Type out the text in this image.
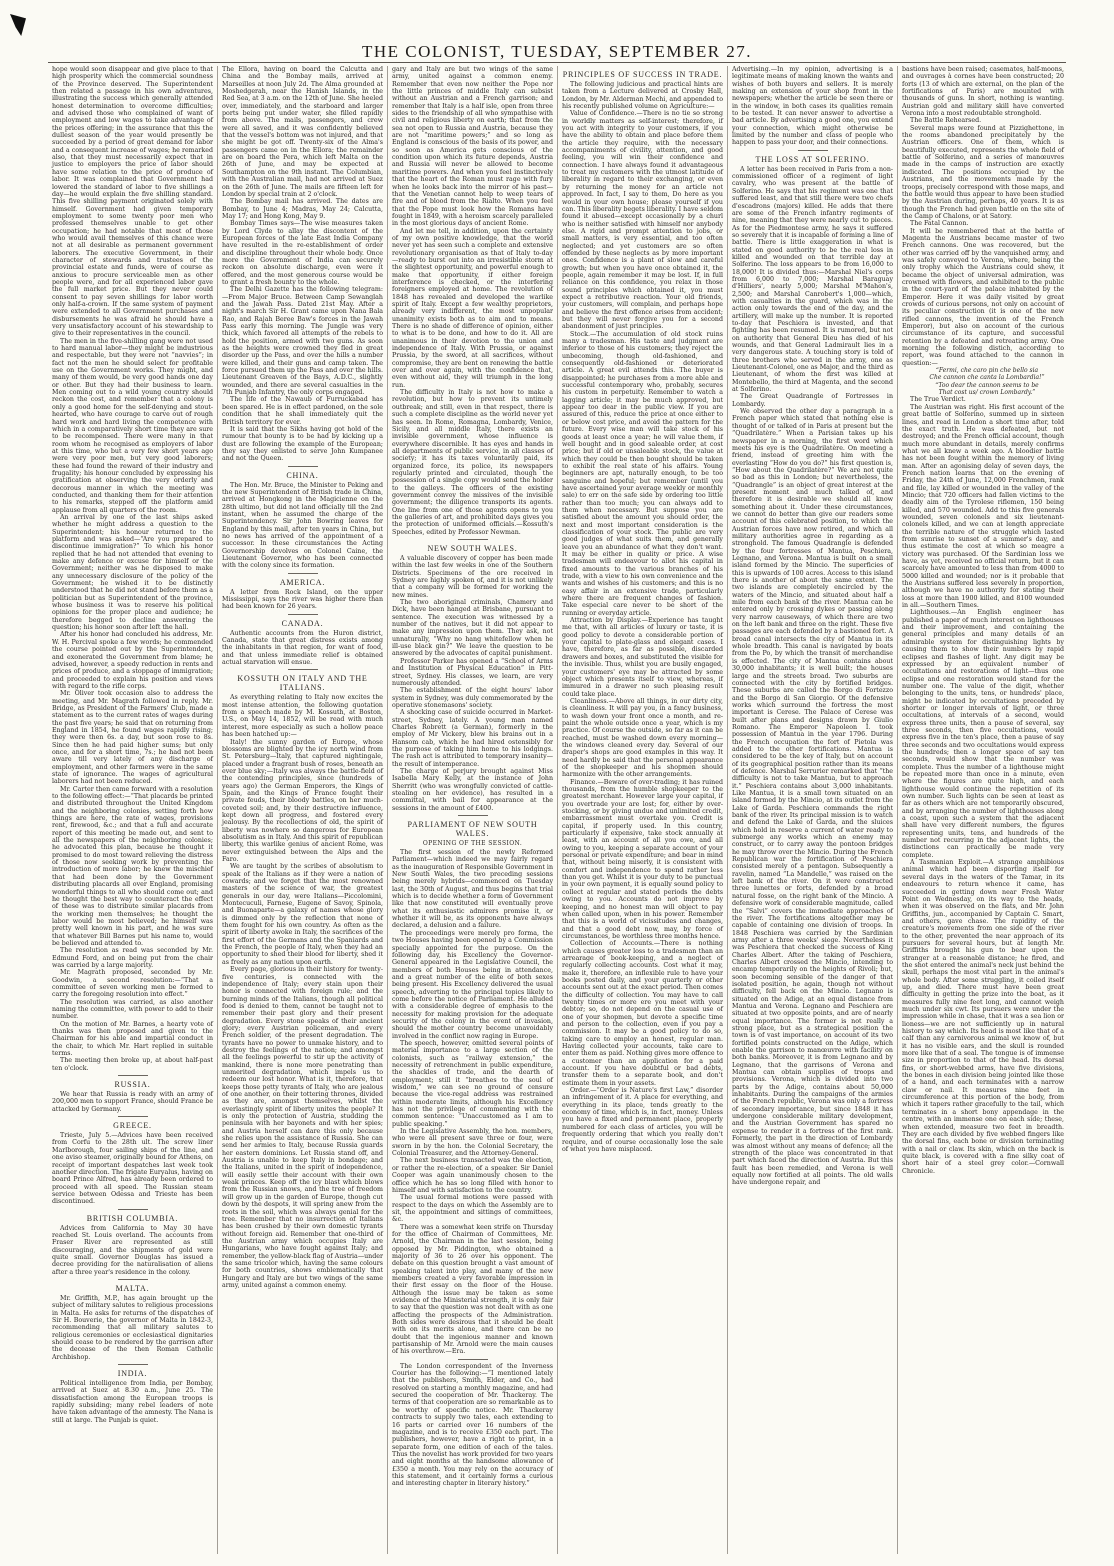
THE COLONIST, TUESDAY, SEPTEMBER 27.

hope would soon disappear and give place to that high prosperity which the commercial soundness of the Province deserved. The Superintendent then related a passage in his own adventures, illustrating the success which generally attended honest determination to overcome difficulties; and advised those who complained of want of employment and low wages to take advantage of the prices offering; in the assurance that this the dullest season of the year would presently be succeeded by a period of great demand for labor and a consequent increase of wages; he remarked also, that they must necessarily expect that in justice to employers the price of labor should have some relation to the price of produce of labor. It was complained that Government had lowered the standard of labor to five shillings a day—he would explain the five shilling standard. This five shilling payment originated solely with himself. Government had given temporary employment to some twenty poor men who professed themselves unable to get other occupation; he had notable that most of those who would avail themselves of this chance were not at all desirable as permanent government laborers. The executive Government, in their character of stewards and trustees of the provincial estate and funds, were of course as anxious to procure serviceable men as other people were, and for all experienced labor gave the full market price. But they never could consent to pay seven shillings for labor worth only half-a-crown. If the same system of payment were extended to all Government purchases and disbursements he was afraid he should have a very unsatisfactory account of his stewardship to give to their representatives in the council.

The men in the five-shilling gang were not used to hard manual labor—they might be industrious and respectable, but they were not “navvies”; in fact not the men he should select for profitable use on the Government works. They might, and many of them would, be very good hands one day or other. But they had their business to learn. Men coming out to a wild young country should reckon the cost, and remember that a colony is only a good home for the self-denying and stout-hearted, who have courage to carve out of rough hard work and hard living the competence with which in a comparatively short time they are sure to be recompensed. There were many in that room whom he recognised as employers of labor at this time, who but a very few short years ago were very poor men, but very good laborers; these had found the reward of their industry and frugality; his honour concluded by expressing his gratification at observing the very orderly and decorous manner in which the meeting was conducted, and thanking them for their attention to his remarks, stepped off the platform amid applause from all quarters of the room.

An arrival by one of the last ships asked whether he might address a question to the Superintendent; his honour returned to the platform and was asked—“Are you prepared to discontinue immigration?” To which his honor replied that he had not attended that evening to make any defence or excuse for himself or the Government; neither was he disposed to make any unnecessary disclosure of the policy of the Government; he wished it to be distinctly understood that he did not stand before them as a politician but as Superintendent of the province, whose business it was to reserve his political opinions for the proper place and audience; he therefore begged to decline answering the question; his honor soon after left the hall.

After his honor had concluded his address, Mr. W. H. Percival spoke a few words; he commended the course pointed out by the Superintendent, and exonerated the Government from blame; he advised, however, a speedy reduction in rents and prices of produce, and a stoppage of immigration; and proceeded to explain his position and views with regard to the rifle corps.

Mr. Oliver took occasion also to address the meeting, and Mr. Magrath followed in reply. Mr. Bridge, as President of the Farmers' Club, made a statement as to the current rates of wages during the past five years; he said that on returning from England in 1854, he found wages rapidly rising; they were then 6s. a day, but soon rose to 8s. Since then he had paid higher sums; but only once, and for a short time, 7s.; he had not been aware till very lately of any discharge of employment, and other farmers were in the same state of ignorance. The wages of agricultural laborers had not been reduced.

Mr. Carter then came forward with a resolution to the following effect:—“That placards be printed and distributed throughout the United Kingdom and the neighboring colonies, setting forth how things are here, the rate of wages, provisions rent, firewood, &c.; and that a full and accurate report of this meeting be made out, and sent to all the newspapers of the neighboring colonies; he advocated this plan, because he thought it promised to do most toward relieving the distress of those now seeking work by preventing the introduction of more labor; he knew the mischief that had been done by the Government distributing placards all over England, promising wonderful things to all who should come out; and he thought the best way to counteract the effect of these was to distribute similar placards from the working men themselves; he thought the labor would be most believed; he himself was pretty well known in his part, and he was sure that whatever Bill Barnes put his name to, would be believed and attended to.

The resolution as read was seconded by Mr. Edmund Ford, and on being put from the chair was carried by a large majority.

Mr. Magrath proposed, seconded by Mr. Goodwin, a second resolution:—“That a committee of seven working men be formed to carry the foregoing resolution into effect.”

The resolution was carried, as also another naming the committee, with power to add to their number.

On the motion of Mr. Barnes, a hearty vote of thanks was then proposed and given to the Chairman for his able and impartial conduct in the chair, to which Mr. Hart replied in suitable terms.

The meeting then broke up, at about half-past ten o'clock.

RUSSIA.

We hear that Russia is ready with an army of 200,000 men to support France, should France be attacked by Germany.

GREECE.

Trieste, July 5.—Advices have been received from Corfu to the 28th ult. The screw liner Marlborough, four sailing ships of the line, and one aviso steamer, originally bound for Athens, on receipt of important despatches last week took another direction. The frigate Euryalus, having on board Prince Alfred, has already been ordered to proceed with all speed. The Russian steam service between Odessa and Trieste has been discontinued.

BRITISH COLUMBIA.

Advices from California to May 30 have reached St. Louis overland. The accounts from Fraser River are represented as still discouraging, and the shipments of gold were quite small. Governor Douglas has issued a decree providing for the naturalisation of aliens after a three year's residence in the colony.

MALTA.

Mr. Griffith, M.P., has again brought up the subject of military salutes to religious processions in Malta. He asks for returns of the dispatches of Sir H. Bouverie, the governor of Malta in 1842-3, recommending that all military salutes to religious ceremonies or ecclesiastical dignitaries should cease to be rendered by the garrison after the decease of the then Roman Catholic Archbishop.

INDIA.

Political intelligence from India, per Bombay, arrived at Suez at 8.30 a.m., June 25. The dissatisfaction among the European troops is rapidly subsiding; many rebel leaders of note have taken advantage of the amnesty. The Nana is still at large. The Punjab is quiet.

The Ellora, having on board the Calcutta and China and the Bombay mails, arrived at Marseilles at noon July 2d. The Alma grounded at Moshedgerah, near the Hanish Islands, in the Red Sea, at 3 a.m. on the 12th of June. She heeled over, immediately, and the starboard and larger ports being put under water, she filled rapidly from above. The mails, passengers, and crew were all saved, and it was confidently believed that the vessel's bottom was not injured, and that she might be got off. Twenty-six of the Alma's passengers came on in the Ellora; the remainder are on board the Pera, which left Malta on the 26th of June, and may be expected at Southampton on the 9th instant. The Columbian, with the Australian mail, had not arrived at Suez on the 26th of June. The mails are fifteen left for London by special train at 2 o'clock.

The Bombay mail has arrived. The dates are Bombay, to June 4; Madras, May 24; Calcutta, May 17; and Hong Kong, May 9.

Bombay Times says—The wise measures taken by Lord Clyde to allay the discontent of the European forces of the late East India Company have resulted in the re-establishment of order and discipline throughout their whole body. Once more the Government of India can securely reckon on absolute discharge, even were it offered, and the most generous course would be to grant a fresh bounty to the whole.

The Delhi Gazette has the following telegram:—From Major Bruce. Between Camp Sewanglah and the Jawah Pass. Dated 21st May. After a night's march Sir H. Grant came upon Nana Bala Rao, and Rajah Beree Baw's forces in the Jawah Pass early this morning. The Jungle was very thick, which favored all attempts of the rebels to hold the position, armed with two guns. As soon as the heights were crowned they fled in great disorder up the Pass, and over the hills a number were killed, and their guns and camp taken. The force pursued them up the Pass and over the hills. Lieutenant Greaven of the Bays, A.D.C., slightly wounded, and there are several casualties in the 7th Punjab Infantry, the only corps engaged.

The life of the Nawaub of Furruckabad has been spared. He is in effect pardoned, on the sole condition that he shall immediately quit the British territory for ever.

It is said that the Sikhs having got hold of the rumour that bounty is to be had by kicking up a dust are following the example of the European; they say they enlisted to serve John Kumpanee and not the Queen.

CHINA.

The Hon. Mr. Bruce, the Minister to Peking and the new Superintendent of British trade in China, arrived at Hongkong in the Magicienne on the 28th ultimo, but did not land officially till the 2nd instant, when he assumed the charge of the Superintendency. Sir John Bowring leaves for England by this mail, after ten years in China, but no news has arrived of the appointment of a successor. In these circumstances the Acting Governorship devolves on Colonel Caine, the Lieutenant Governor, who has been connected with the colony since its formation.

AMERICA.

A letter from Rock Island, on the upper Mississippi, says the river was higher there than had been known for 26 years.

CANADA.

Authentic accounts from the Huron district, Canada, state that great distress exists among the inhabitants in that region, for want of food, and that unless immediate relief is obtained actual starvation will ensue.

KOSSUTH ON ITALY AND THE ITALIANS.

As everything relating to Italy now excites the most intense attention, the following quotation from a speech made by M. Kossuth, at Boston, U.S., on May 14, 1852, will be read with much interest, more especially as such a hollow peace has been hatched up:—

Italy! the sunny garden of Europe, whose blossoms are blighted by the icy north wind from St. Petersburg—Italy, that captured nightingale, placed under a fragrant bush of roses, beneath an ever blue sky;—Italy was always the battle-field of the contending principles, since (hundreds of years ago) the German Emperors, the Kings of Spain, and the Kings of France fought their private feuds, their bloody battles, on her much-coveted soil; and, by their destructive influence, kept down all progress, and fostered every jealousy. By the recollections of old, the spirit of liberty was nowhere so dangerous for European absolutism as in Italy. And this spirit of republican liberty, this warlike genius of ancient Rome, was never extinguished between the Alps and the Faro.

We are taught by the scribes of absolutism to speak of the Italians as if they were a nation of cowards; and we forget that the most renowned masters of the science of war, the greatest generals in our day, were Italians—Piccolomini, Montecuculi, Farnese, Eugene of Savoy, Spinola, and Buonaparte—a galaxy of names whose glory is dimmed only by the reflection that none of them fought for his own country. As often as the spirit of liberty awoke in Italy, the sacrifices of the first effort of the Germans and the Spaniards and the French, the people of Italy, when they had an opportunity to shed their blood for liberty, shed it as freely as any nation upon earth.

Every page, glorious in their history for twenty-five centuries, is connected with the independence of Italy; every stain upon their honor is connected with foreign rule; and the burning minds of the Italians, though all political food is denied to them, cannot be taught not to remember their past glory and their present degradation. Every stone speaks of their ancient glory; every Austrian policeman, and every French soldier, of the present degradation. The tyrants have no power to unmake history, and to destroy the feelings of the nation; and amongst all the feelings powerful to stir up the activity of mankind, there is none more penetrating than unmerited degradation, which impels us to redeem our lost honor. What is it, therefore, that keeps those petty tyrants of Italy, who are jealous of one another, on their tottering thrones, divided as they are, amongst themselves, whilst the everlastingly spirit of liberty unites the people? It is only the protection of Austria, studding the peninsula with her bayonets and with her spies; and Austria herself can dare this only because she relies upon the assistance of Russia. She can send her armies to Italy, because Russia guards her eastern dominions. Let Russia stand off, and Austria is unable to keep Italy in bondage; and the Italians, united in the spirit of independence, will easily settle their account with their own weak princes. Keep off the icy blast which blows from the Russian snows, and the tree of freedom will grow up in the garden of Europe, though cut down by the despots, it will spring anew from the roots in the soil, which was always genial for the tree. Remember that no insurrection of Italians has been crushed by their own domestic tyrants without foreign aid. Remember that one-third of the Austrian army which occupies Italy are Hungarians, who have fought against Italy; and remember, the yellow-black flag of Austria—under the same tricolor which, having the same colours for both countries, shows emblematically that Hungary and Italy are but two wings of the same army, united against a common enemy.

gary and Italy are but two wings of the same army, united against a common enemy. Remember that even now neither the Pope nor the little princes of middle Italy can subsist without an Austrian and a French garrison; and remember that Italy is a half isle, open from three sides to the friendship of all who sympathise with civil and religious liberty on earth; that from the sea not open to Russia and Austria, because they are not “maritime powers;” and so long as England is conscious of the basis of its power, and so soon as America gets conscious of the condition upon which its future depends, Austria and Russia will never be allowed to become maritime powers. And when you feel instinctively that the heart of the Roman must rage with fury when he looks back into the mirror of his past—that the Venetian cannot help to weep tears of fire and of blood from the Rialto. When you feel that the Pope must look how the Romans have fought in 1849, with a heroism scarcely paralleled in the most glorious days of ancient Rome.

And let me tell, in addition, upon the certainty of my own positive knowledge, that the world never yet has seen such a complete and extensive revolutionary organisation as that of Italy to-day—ready to burst out into an irresistible storm at the slightest opportunity, and powerful enough to make that opportunity, if either foreign interference is checked, or the interfering foreigners employed at home. The revolution of 1848 has revealed and developed the warlike spirit of Italy. Except a few wealthy proprietors, already very indifferent, the most unpopular unanimity exists both as to aim and to means. There is no shade of difference of opinion, either to what is to be done, and how to do it. All are unanimous in their devotion to the union and independence of Italy. With Prussia, or against Prussia, by the sword, at all sacrifices, without compromise, they are bent on renewing the battle over and over again, with the confidence that, even without aid, they will triumph in the long run.

The difficulty in Italy is not how to make a revolution, but how to prevent its untimely outbreak; and still, even in that respect, there is such a complete discipline as the world never yet has seen. In Rome, Romagna, Lombardy, Venice, Sicily, and all middle Italy, there exists an invisible government, whose influence is everywhere discernible. It has eyes and hands in all departments of public service, in all classes of society; it has its taxes voluntarily paid, its organized force, its police, its newspapers regularly printed and circulated, though the possession of a single copy would send the holder to the galleys. The officers of the existing government convey the missives of the invisible government; the diligence transports its agents. One line from one of those agents opens to you the galleries of art, and prohibited days gives you the protection of uniformed officials.—Kossuth's Speeches, edited by Professor Newman.

NEW SOUTH WALES.

A valuable discovery of copper has been made within the last few weeks in one of the Southern Districts. Specimens of the ore received in Sydney are highly spoken of, and it is not unlikely that a company will be formed for working the new mines.

The two aboriginal criminals, Chamery and Dick, have been hanged at Brisbane, pursuant to sentence. The execution was witnessed by a number of the natives, but it did not appear to make any impression upon them. They ask, not unnaturally, “Why no hang whitefellow when he ill-use black gin?” We leave the question to be answered by the advocates of capital punishment.

Professor Parker has opened a “School of Arms and Institution of Physical Education” in Pitt-street, Sydney. His classes, we learn, are very numerously attended.

The establishment of the eight hours' labor system in Sydney, was duly commemorated by the operative stonemasons' society.

A shocking case of suicide occurred in Market-street, Sydney, lately. A young man named Charles Robrett (a German), formerly in the employ of Mr Vickery, blew his brains out in a Hansom cab, which he had hired ostensibly for the purpose of taking him home to his lodgings. The rash act is attributed to temporary insanity—the result of intemperance.

The charge of perjury brought against Miss Isabella Mary Kelly, at the instance of John Sherritt (who was wrongfully convicted of cattle-stealing on her evidence), has resulted in a committal, with bail for appearance at the sessions in the amount of £400.

PARLIAMENT OF NEW SOUTH WALES.
OPENING OF THE SESSION.

The first session of the newly Reformed Parliament—which indeed we may fairly regard as the inauguration of Responsible Government in New South Wales, the two preceding sessions being merely hybrids—commenced on Tuesday last, the 30th of August, and thus begins that trial which is to decide whether a form of Government like that now constituted will eventually prove what its enthusiastic admirers promise it, or whether it will be, as its opponents have always declared, a delusion and a failure.

The proceedings were merely pro forma, the two Houses having been opened by a Commission specially appointed for the purpose. On the following day, his Excellency the Governor-General appeared in the Legislative Council, the members of both Houses being in attendance, and a great number of the elite of both sexes being present. His Excellency delivered the usual speech, adverting to the principal topics likely to come before the notice of Parliament. He alluded with a considerable degree of emphasis to the necessity for making provision for the adequate security of the colony in the event of invasion, should the mother country become unavoidably involved in the conflict now raging in Europe.

The speech, however, omitted several points of material importance to a large section of the colonists, such as “railway extension,” the necessity of retrenchment in public expenditure, the shackles of trade, and the dearth of employment; still it “breathes to the soul of wisdom,” we can see no ground of censure because the vice-regal address was restrained within moderate limits, although his Excellency has not the privilege of commenting with the common sentence: “Unaccustomed as I am to public speaking.”

In the Legislative Assembly, the hon. members, who were all present save three or four, were sworn in by the hon. the Colonial Secretary, the Colonial Treasurer, and the Attorney-General.

The next business transacted was the election, or rather the re-election, of a speaker. Sir Daniel Cooper was again unanimously chosen to the office which he has so long filled with honor to himself and with satisfaction to the country.

The usual formal motions were passed with respect to the days on which the Assembly are to sit, the appointment and sittings of committees, &c.

There was a somewhat keen strife on Thursday for the office of Chairman of Committees, Mr. Arnold, the Chairman in the last session, being opposed by Mr. Piddington, who obtained a majority of 36 to 26 over his opponent. The debate on this question brought a vast amount of speaking talent into play, and many of the new members created a very favorable impression in their first essay on the floor of the House. Although the issue may be taken as some evidence of the Ministerial strength, it is only fair to say that the question was not dealt with as one affecting the prospects of the Administration. Both sides were desirous that it should be dealt with on its merits alone, and there can be no doubt that the ingenious manner and known partisanship of Mr. Arnold were the main causes of his overthrow.—Era.

The London correspondent of the Inverness Courier has the following:—“I mentioned lately that the publishers, Smith, Elder, and Co., had resolved on starting a monthly magazine, and had secured the cooperation of Mr. Thackeray. The terms of that cooperation are so remarkable as to be worthy of specific notice. Mr. Thackeray contracts to supply two tales, each extending to 16 parts or carried over 16 numbers of the magazine, and is to receive £350 each part. The publishers, however, have a right to print, in a separate form, one edition of each of the tales. Thus the novelist has work provided for two years and eight months at the handsome allowance of £350 a month. You may rely on the accuracy of this statement, and it certainly forms a curious and interesting chapter in literary history.”

PRINCIPLES OF SUCCESS IN TRADE.

The following judicious and practical hints are taken from a Lecture delivered at Crosby Hall, London, by Mr. Alderman Mechi, and appended to his recently published volume on Agriculture:—

Value of Confidence.—There is no tie so strong in worldly matters as self-interest; therefore, if you act with integrity to your customers, if you have the ability to obtain and place before them the article they require, with the necessary accompaniments of civility, attention, and good feeling, you will win their confidence and connection. I have always found it advantageous to treat my customers with the utmost latitude of liberality in regard to their exchanging, or even by returning the money for an article not approved. In fact, I say to them, Do here as you would in your own house; please yourself if you can. This liberality begets liberality. I have seldom found it abused—except occasionally by a churl who is neither satisfied with himself nor anybody else. A rigid and prompt attention to jobs, or small matters, is very essential, and too often neglected; and yet customers are so often offended by these neglects as by more important ones. Confidence is a plant of slow and careful growth; but when you have once obtained it, the people, again remember it may be lost. If, in full reliance on this confidence, you relax in those sound principles which obtained it, you must expect a retributive reaction. Your old friends, your customers, will complain, and perhaps hope and believe the first offence arises from accident; but they will never forgive you for a second abandonment of just principles.

Stock.—The accumulation of old stock ruins many a tradesman. His taste and judgment are inferior to those of his customers; they reject the unbecoming, though old-fashioned, and consequently old-fashioned or deteriorated article. A great evil attends this. The buyer is disappointed; he purchases from a more able and successful contemporary who, probably, secures his custom in perpetuity. Remember to watch a lagging article; it may be much approved, but appear too dear in the public view. If you are assured of this, reduce the price at once either to or below cost price, and avoid the pattern for the future. Every wise man will take stock of his goods at least once a year; he will value them, if well bought and in good saleable order, at cost price; but if old or unsaleable stock, the value at which they could be then bought should be taken to exhibit the real state of his affairs. Young beginners are apt, naturally enough, to be too sanguine and hopeful; but remember (until you have ascertained your average weekly or monthly sale) to err on the safe side by ordering too little rather than too much; you can always add to them when necessary. But suppose you are satisfied about the amount you should order, the next and most important consideration is the classification of your stock. The public are very good judges of what suits them, and generally leave you an abundance of what they don't want. It may be either in quality or price. A wise tradesman will endeavour to allot his capital in fixed amounts to the various branches of his trade, with a view to his own convenience and the wants and wishes of his customers; and this is no easy affair in an extensive trade, particularly where there are frequent changes of fashion. Take especial care never to be short of the running or everyday article.

Attraction by Display.—Experience has taught me that, with all articles of luxury or taste, it is good policy to devote a considerable portion of your capital to plate-glass and elegant cases. I have, therefore, as far as possible, discarded drawers and boxes, and substituted the visible for the invisible. Thus, whilst you are busily engaged, your customers' eye may be attracted by some object which presents itself to view, whereas, if immured in a drawer no such pleasing result could take place.

Cleanliness.—Above all things, in our dirty city, is cleanliness. It will pay you, in a fancy business, to wash down your front once a month, and re-paint the whole outside once a year, which is my practice. Of course the outside, so far as it can be reached, must be washed down every morning—the windows cleaned every day. Several of our draper's shops are good examples in this way. It need hardly be said that the personal appearance of the shopkeeper and his shopmen should harmonize with the other arrangements.

Finance.—Beware of over-trading; it has ruined thousands, from the humble shopkeeper to the greatest merchant. However large your capital, if you overtrade your are lost; for, either by over-stocking, or by giving undue and unlimited credit, embarrassment must overtake you. Credit is capital, if properly used. In this country, particularly if expensive, take stock annually at least, with an account of all you owe, and all owing to you, keeping a separate account of your personal or private expenditure; and bear in mind that, without being miserly, it is consistent with comfort and independence to spend rather less than you get. Whilst it is your duty to be punctual in your own payment, it is equally sound policy to collect at regular and stated periods the debts owing to you. Accounts do not improve by keeping, and no honest man will object to pay when called upon, when in his power. Remember that this is a world of vicissitudes and changes, and that a good debt now, may, by force of circumstances, be worthless three months hence.

Collection of Accounts.—There is nothing which causes greater loss to a tradesman than an arrearage of book-keeping, and a neglect of regularly collecting accounts. Cost what it may, make it, therefore, an inflexible rule to have your books posted daily, and your quarterly or other accounts sent out at the exact period. Then comes the difficulty of collection. You may have to call twenty times or more ere you meet with your debtor; so, do not depend on the casual use of one of your shopmen, but devote a specific time and person to the collection, even if you pay a commission. It may be a good policy to do so, taking care to employ an honest, regular man. Having collected your accounts, take care to enter them as paid. Nothing gives more offence to a customer than an application for a paid account. If you have doubtful or bad debts, transfer them to a separate book, and don't estimate them in your assets.

Order.—“Order is Nature's first Law,” disorder an infringement of it. A place for everything, and everything in its place, tends greatly to the economy of time, which is, in fact, money. Unless you have a fixed and permanent place, properly numbered for each class of articles, you will be frequently ordering that which you really don't require, and of course occasionally lose the sale of what you have misplaced.

Advertising.—In my opinion, advertising is a legitimate means of making known the wants and wishes of both buyers and sellers. It is merely making an extension of your shop front in the newspapers; whether the article be seen there or in the window, in both cases its qualities remain to be tested. It can never answer to advertise a bad article. By advertising a good one, you extend your connection, which might otherwise be limited by the number and class of people who happen to pass your door, and their connections.

THE LOSS AT SOLFERINO.

A letter has been received in Paris from a non-commissioned officer of a regiment of light cavalry, who was present at the battle of Solferino. He says that his regiment was one that suffered least, and that still there were two chefs d'escadrons (majors) killed. He adds that there are some of the French infantry regiments of nine, meaning that they were nearly cut to pieces. As for the Piedmontese army, he says it suffered so severely that it is incapable of forming a line of battle. There is little exaggeration in what is stated on good authority to be the real loss in killed and wounded on that terrible day at Solferino. The loss appears to be from 16,000 to 18,000! It is divided thus:—Marshal Niel's corps from 6,000 to 7,000; Marshal Baraguay d'Hilliers', nearly 5,000; Marshal M'Mahon's, 2,500; and Marshal Canrobert's 1,000—which, with casualties in the guard, which was in the action only towards the end of the day, and the artillery, will make up the number. It is reported to-day that Peschiera is invested, and that fighting has been resumed. It is rumored, but not on authority that General Dieu has died of his wounds, and that General Ladmirault lies in a very dangerous state. A touching story is told of three brothers who served in the army, one as Lieutenant-Colonel, one as Major, and the third as Lieutenant, of whom the first was killed at Montebello, the third at Magenta, and the second at Solferino.

The Great Quadrangle of Fortresses in Lombardy.

We observed the other day a paragraph in a French paper which stated that nothing else is thought of or talked of in Paris at present but the “Quadrilatère.” When a Parisian takes up his newspaper in a morning, the first word which meets his eye is the Quadrilatère. On meeting a friend, instead of greeting him with the everlasting “How do you do?” his first question is, “How about the Quadrilatère?” We are not quite so bad as this in London; but nevertheless, the “Quadrangle” is an object of great interest at the present moment and much talked of, and therefore it is desirable we should all know something about it. Under these circumstances, we cannot do better than give our readers some account of this celebrated position, to which the Austrian forces have now retired, and which all military authorities agree in regarding as a stronghold. The famous Quadrangle is defended by the four fortresses of Mantua, Peschiera, Legnano, and Verona. Mantua is built on a small island formed by the Mincio. The superficies of this is upwards of 100 acres. Access to this island there is another of about the same extent. The two islands are completely encircled by the waters of the Mincio, and situated about half a mile from each bank of the river. Mantua can be entered only by crossing dykes or passing along very narrow causeways, of which there are two on the left bank and three on the right. These five passages are each defended by a bastioned fort. A broad canal intersects the city of Mantua in its whole breadth. This canal is navigated by boats from the Po, by which the transit of merchandise is effected. The city of Mantua contains about 30,000 inhabitants; it is well built; the houses large and the streets broad. Two suburbs are connected with the city by fortified bridges. These suburbs are called the Borgo di Fortezzo and the Borgo di San Giorgio. Of the defensive works which surround the fortress the most important is Cerese. The Palace of Cerese was built after plans and designs drawn by Giulio Romano. The Emperor Napoleon I. took possession of Mantua in the year 1796. During the French occupation the fort of Pietola was added to the other fortifications. Mantua is considered to be the key of Italy, but on account of its geographical position rather than its means of defence. Marshal Serrurier remarked that “the difficulty is not to take Mantua, but to approach it.” Peschiera contains about 3,000 inhabitants. Like Mantua, it is a small town situated on an island formed by the Mincio, at its outlet from the Lake of Garda. Peschiera commands the right bank of the river. Its principal mission is to watch and defend the Lake of Garda, and the sluices which hold in reserve a current of water ready to submerge any works which an enemy may construct, or to carry away the pontoon bridges he may throw over the Mincio. During the French Republican war the fortification of Peschiera consisted merely of a pentagon. Subsequently a ravelin, named “La Mandelle,” was raised on the left bank of the river. On it were constructed three lunettes or forts, defended by a broad natural fosse, on the right bank of the Mincio. A defensive work of considerable magnitude, called the “Salvi” covers the immediate approaches of the river. The fortifications altogether may be capable of containing one division of troops. In 1848 Peschiera was carried by the Sardinian army after a three weeks' siege. Nevertheless it was Peschiera that checked the success of King Charles Albert. After the taking of Peschiera, Charles Albert crossed the Mincio, intending to encamp temporarily on the heights of Rivoli; but, soon becoming sensible of the danger of that isolated position, he again, though not without difficulty, fell back on the Mincio. Legnano is situated on the Adige, at an equal distance from Mantua and Verona. Legnano and Peschiera are situated at two opposite points, and are of nearly equal importance. The former is not really a strong place, but as a strategical position the town is of vast importance, on account of its two fortified points constructed on the Adige, which enable the garrison to manœuvre with facility on both banks. Moreover, it is from Legnano and by Legnano, that the garrisons of Verona and Mantua can obtain supplies of troops and provisions. Verona, which is divided into two parts by the Adige, contains about 50,000 inhabitants. During the campaigns of the armies of the French republic, Verona was only a fortress of secondary importance, but since 1848 it has undergone considerable military development, and the Austrian Government has spared no expense to render it a fortress of the first rank. Formerly, the part in the direction of Lombardy was almost without any means of defence; all the strength of the place was concentrated in that part which faced the direction of Austria. But this fault has been remedied, and Verona is well equally now fortified at all points. The old walls have undergone repair, and

bastions have been raised; casemates, half-moons, and ouvrages à cornes have been constructed; 20 forts (13 of which are external, on the plan of the fortifications of Paris) are mounted with thousands of guns. In short, nothing is wanting. Austrian gold and military skill have converted Verona into a most redoubtable stronghold.

The Battle Rehearsed.

Several maps were found at Pizzighettone, in the rooms abandoned precipitately by the Austrian officers. One of them, which is beautifully executed, represents the whole field of battle of Solferino, and a series of manœuvres made in the camps of instruction are exactly indicated. The positions occupied by the Austrians, and the movements made by the troops, precisely correspond with those maps, and the battle would thus appear to have been studied by the Austrian during, perhaps, 40 years. It is as though the French had given battle on the site of the Camp of Chalons, or at Satory.

The Fatal Cannon.

It will be remembered that at the battle of Magenta the Austrians became master of two French cannons. One was recovered, but the other was carried off by the vanquished army, and was safely conveyed to Verona, where, being the only trophy which the Austrians could shew, it became the object of universal admiration, was crowned with flowers, and exhibited to the public in the court-yard of the palace inhabited by the Emperor. Here it was daily visited by great crowds of curious persons, not only on account of its peculiar construction (it is one of the new rifled cannons, the invention of the French Emperor), but also on account of the curious circumstance of its capture, and successful retention by a defeated and retreating army. One morning the following distich, according to report, was found attached to the cannon in question:—

“Fermi, che caro pin che bello sia

Che cannon che canta la Lombardia!”

“Too dear the cannon seems to be

That cost us/ crown Lombardy.”

The True Verdict.

The Austrian was right. His first account of the great battle of Solferino, summed up in sixteen lines, and read in London a short time after, told the exact truth. He was defeated, but not destroyed; and the French official account, though much more abundant in details, merely confirms what we all knew a week ago. A bloodier battle has not been fought within the memory of living man. After an agonising delay of seven days, the French nation learns that on the evening of Friday, the 24th of June, 12,000 Frenchmen, rank and file, lay killed or wounded in the valley of the Mincio; that 720 officers had fallen victims to the deadly aim of the Tyrolese riflemen, 150 being killed, and 570 wounded. Add to this five generals wounded, seven colonels and six lieutenant-colonels killed, and we can at length appreciate the terrible nature of the struggle which lasted from sunrise to sunset of a summer's day, and thus estimate the cost at which so meagre a victory was purchased. Of the Sardinian loss we have, as yet, received no official return, but it can scarcely have amounted to less than from 4000 to 5000 killed and wounded; nor is it probable that the Austrians suffered less severely in proportion, although we have no authority for stating their loss at more than 1900 killed, and 8100 wounded in all.—Southern Times.

Lighthouses.—An English engineer has published a paper of much interest on lighthouses and their improvement, and containing the general principles and many details of an admirable system for distinguishing lights by causing them to show their numbers by rapid eclipses and flashes of light. Any digit may be expressed by an equivalent number of occultations and restorations of light—thus one eclipse and one restoration would stand for the number one. The value of the digit, whether belonging to the units, tens, or hundreds' place, might be indicated by occultations preceded by shorter or longer intervals of light, or three occultations, at intervals of a second, would express three units, then a pause of several, say three seconds, then five occultations, would express five in the ten's place, then a pause of say three seconds and two occultations would express the hundreds; then a longer space of say ten seconds, would show that the number was complete. Thus the number of a lighthouse might be repeated more than once in a minute, even where the figures are quite high, and each lighthouse would continue the repetition of its own number. Such lights can be seen at least as far as others which are not temporarily obscured, and by arranging the number of lighthouses along a coast, upon such a system that the adjacent shall have very different numbers, the figures representing units, tens, and hundreds of the number not recurring in the adjacent lights, the distinctions can practically be made very complete.

A Tasmanian Exploit.—A strange amphibious animal which had been disporting itself for several days in the waters of the Tamar, in its endeavours to return whence it came, has succeeded in getting down near Fresh Water Point on Wednesday, on its way to the heads, when it was observed on the flats, and Mr. John Griffiths, jun., accompanied by Captain C. Smart, and others, gave chase. The rapidity of the creature's movements from one side of the river to the other, prevented the near approach of its pursuers for several hours, but at length Mr. Griffiths brought his gun to bear upon the stranger at a reasonable distance; he fired, and the shot entered the animal's neck just behind the skull, perhaps the most vital part in the animal's whole body. After some struggling, it coiled itself up, and died. There must have been great difficulty in getting the prize into the boat, as it measures fully nine feet long, and cannot weigh much under six cwt. Its pursuers were under the impression while in chase, that it was a sea lion or lioness—we are not sufficiently up in natural history to say which. Its head is most like that of a calf than any carnivorous animal we know of, but it has no visible ears, and the skull is rounded more like that of a seal. The tongue is of immense size in proportion to that of the head. Its dorsal fins, or short-webbed arms, have five divisions, the bones in each division being jointed like those of a hand, and each terminates with a narrow claw or nail. It measures nine feet in circumference at this portion of the body, from which it tapers rather gracefully to the tail, which terminates in a short bony appendage in the centre, with an immense one on each side; these, when extended, measure two feet in breadth. They are each divided by five webbed fingers like the dorsal fins, each bone or division terminating with a nail or claw. Its skin, which on the back is quite black, is covered with a fine silky coat of short hair of a steel grey color.—Cornwall Chronicle.
